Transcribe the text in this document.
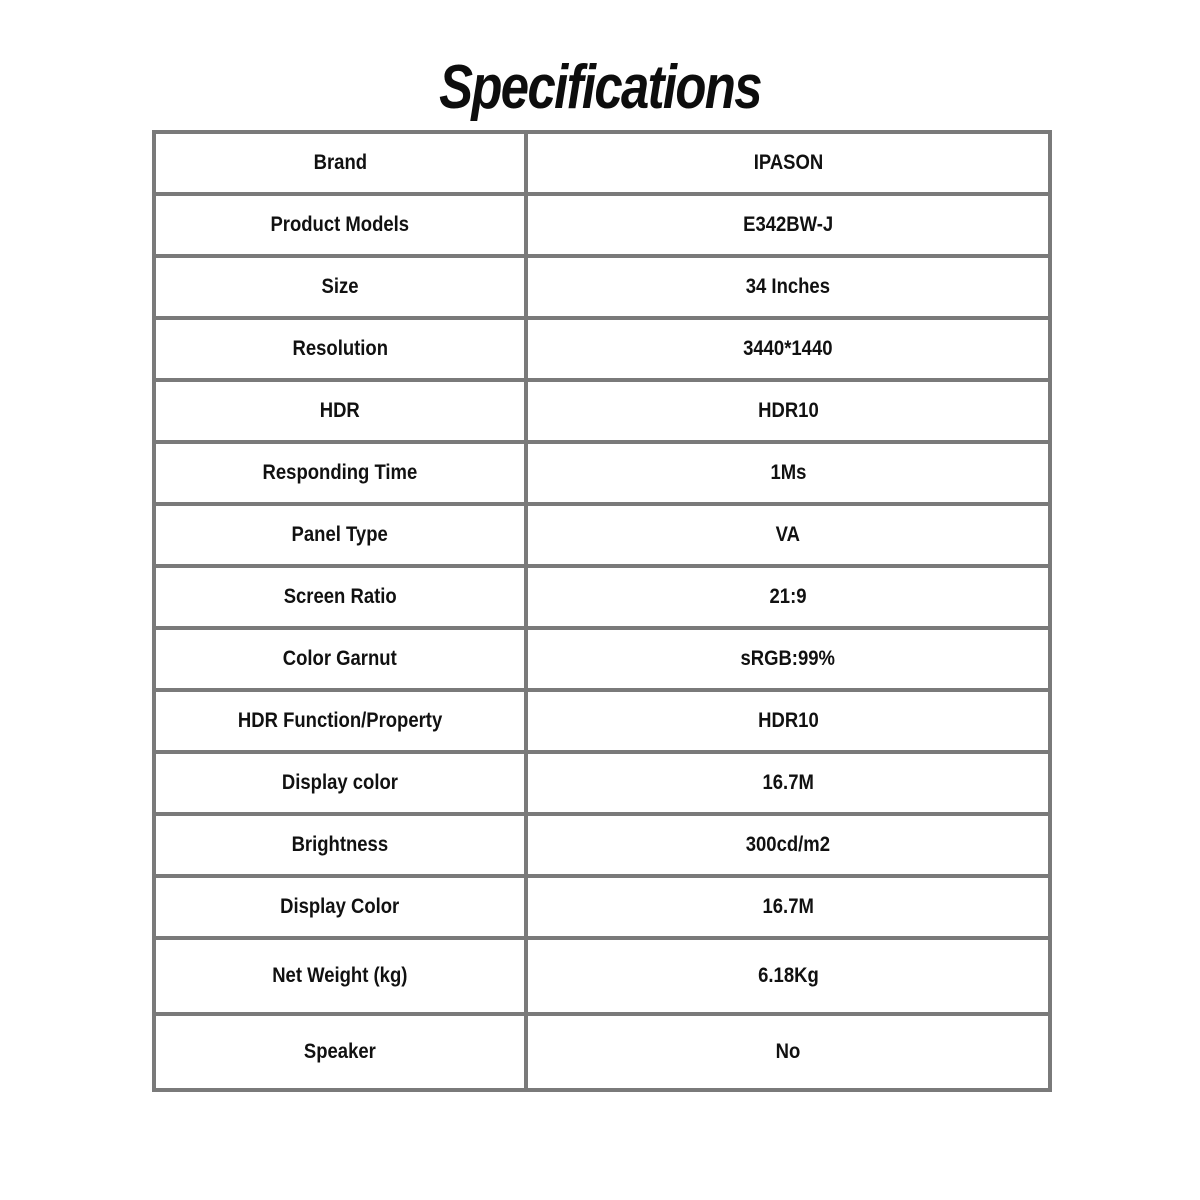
Specifications
Brand	IPASON
Product Models	E342BW-J
Size	34 Inches
Resolution	3440*1440
HDR	HDR10
Responding Time	1Ms
Panel Type	VA
Screen Ratio	21:9
Color Garnut	sRGB:99%
HDR Function/Property	HDR10
Display color	16.7M
Brightness	300cd/m2
Display Color	16.7M
Net Weight (kg)	6.18Kg
Speaker	No
